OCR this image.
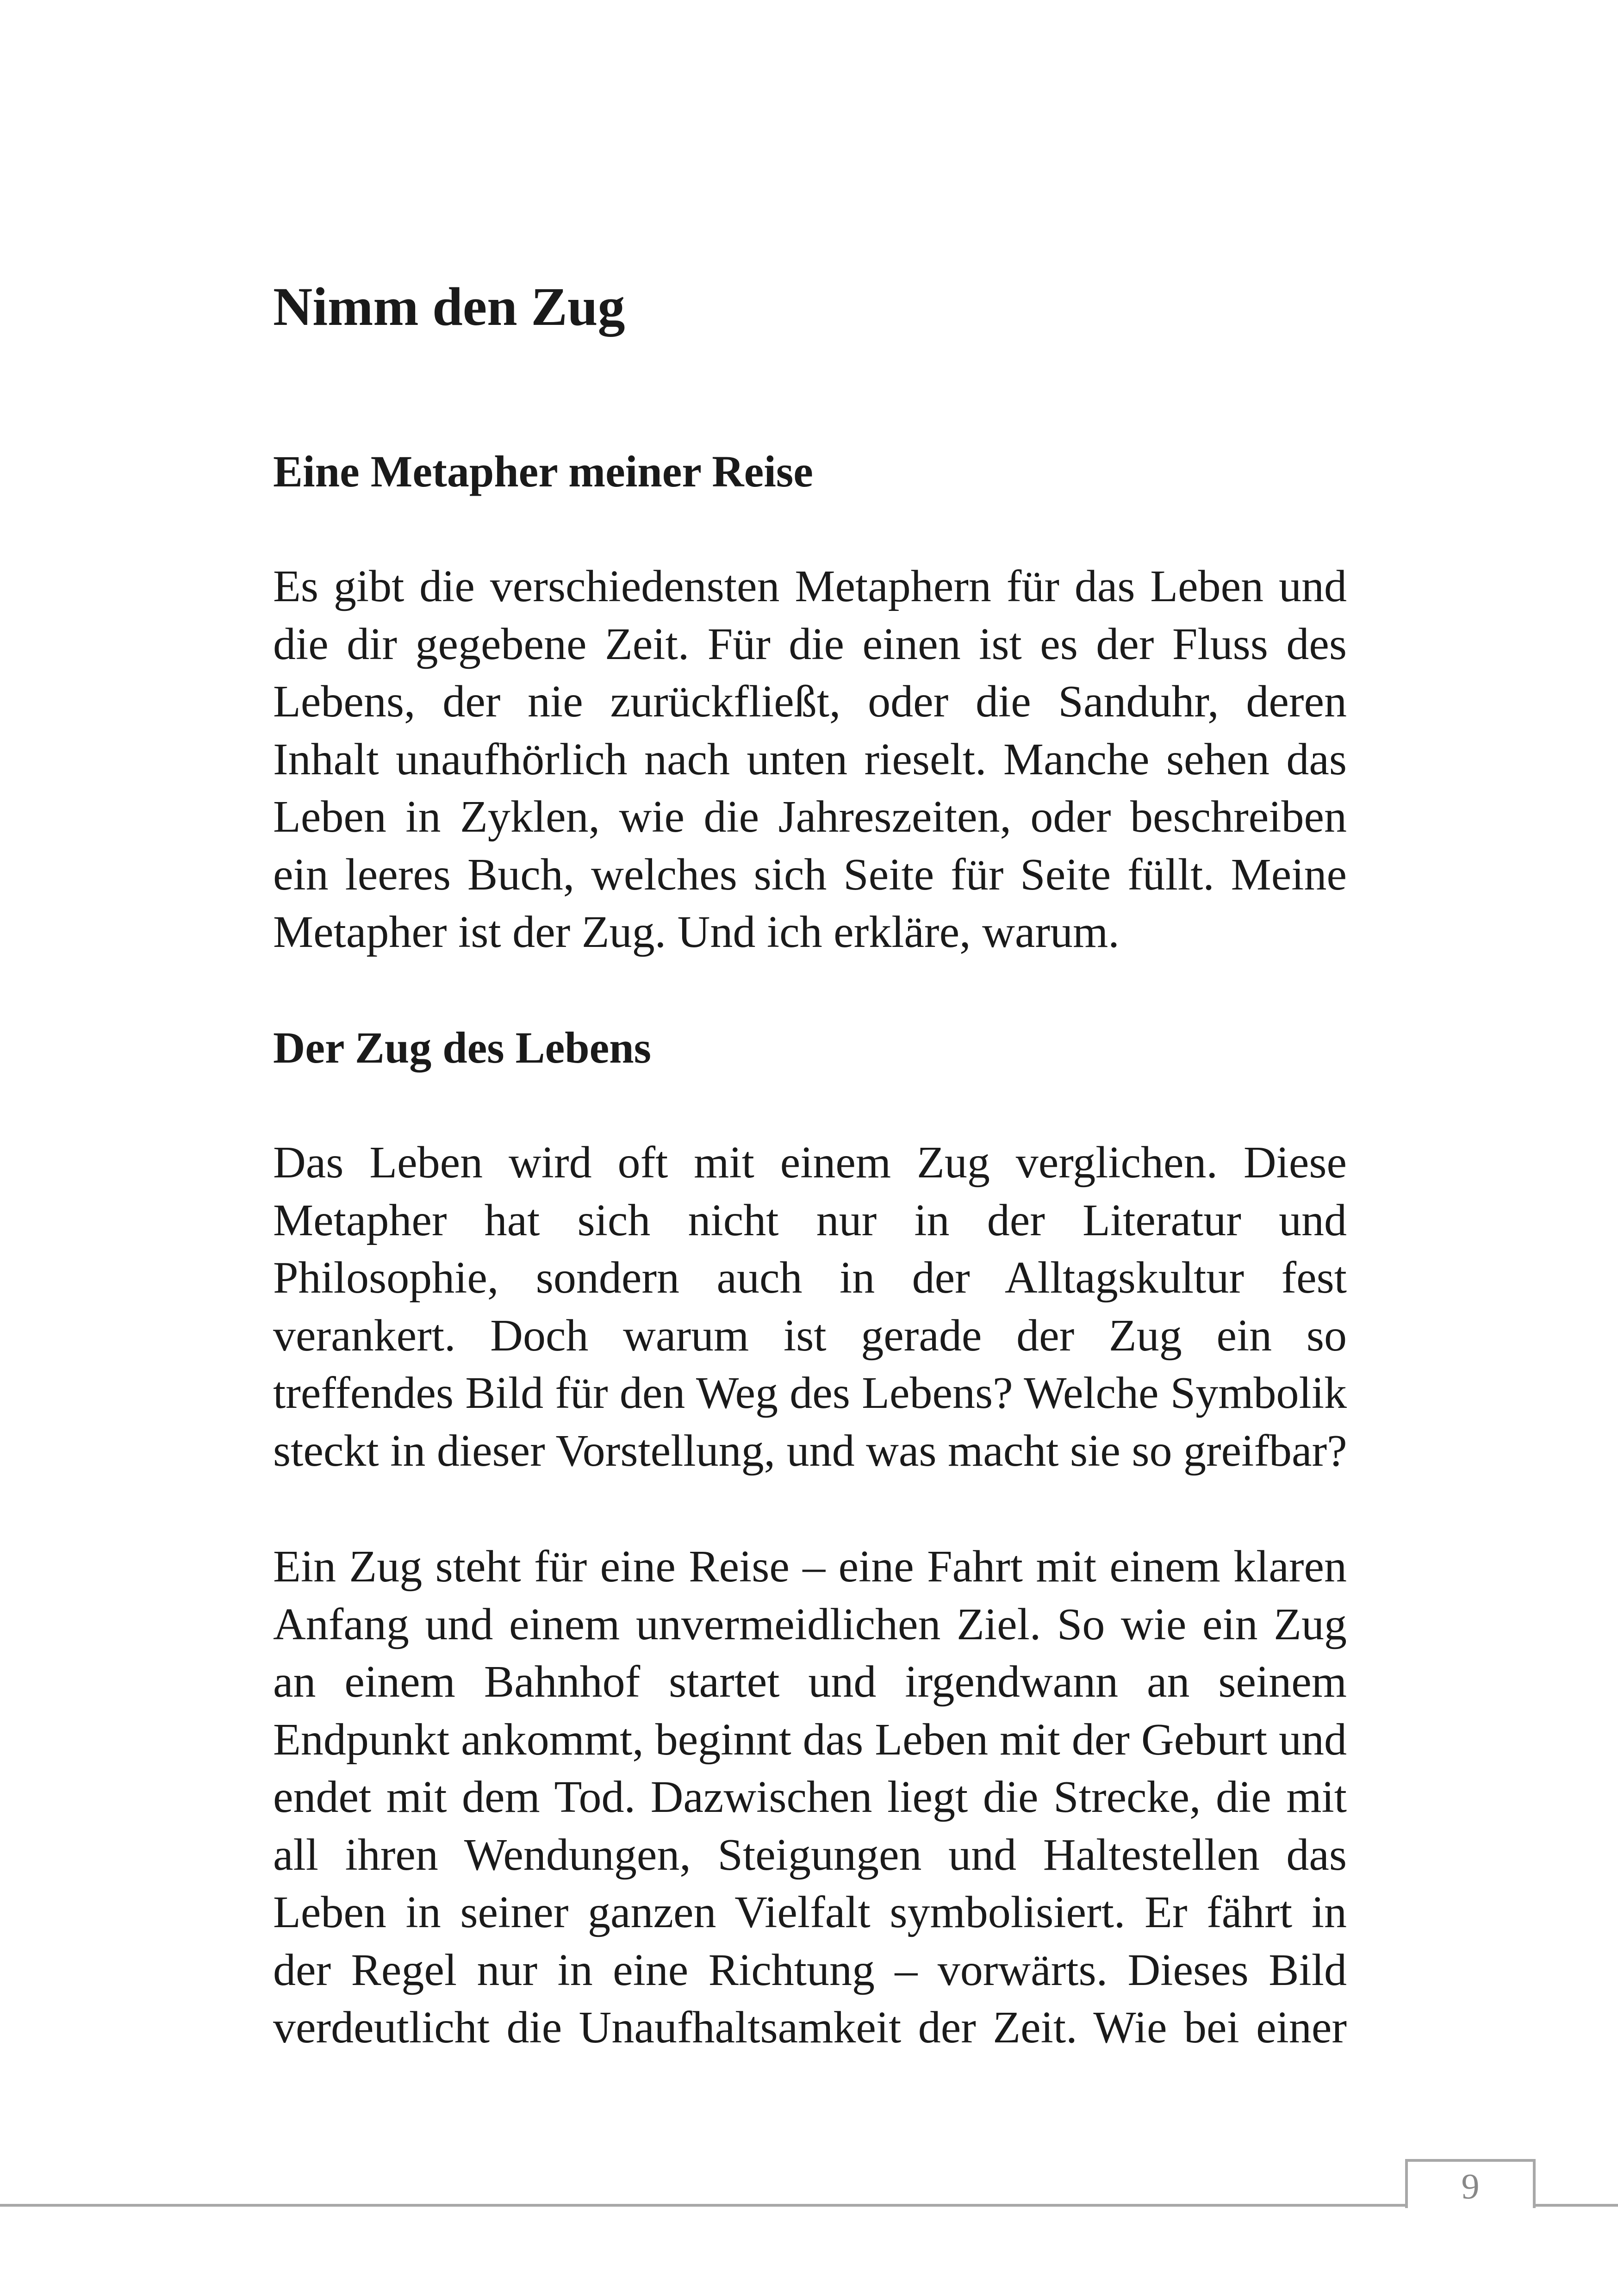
Nimm den Zug
Eine Metapher meiner Reise
Es gibt die verschiedensten Metaphern für das Leben und
die dir gegebene Zeit. Für die einen ist es der Fluss des
Lebens, der nie zurückfließt, oder die Sanduhr, deren
Inhalt unaufhörlich nach unten rieselt. Manche sehen das
Leben in Zyklen, wie die Jahreszeiten, oder beschreiben
ein leeres Buch, welches sich Seite für Seite füllt. Meine
Metapher ist der Zug. Und ich erkläre, warum.
Der Zug des Lebens
Das Leben wird oft mit einem Zug verglichen. Diese
Metapher hat sich nicht nur in der Literatur und
Philosophie, sondern auch in der Alltagskultur fest
verankert. Doch warum ist gerade der Zug ein so
treffendes Bild für den Weg des Lebens? Welche Symbolik
steckt in dieser Vorstellung, und was macht sie so greifbar?
Ein Zug steht für eine Reise – eine Fahrt mit einem klaren
Anfang und einem unvermeidlichen Ziel. So wie ein Zug
an einem Bahnhof startet und irgendwann an seinem
Endpunkt ankommt, beginnt das Leben mit der Geburt und
endet mit dem Tod. Dazwischen liegt die Strecke, die mit
all ihren Wendungen, Steigungen und Haltestellen das
Leben in seiner ganzen Vielfalt symbolisiert. Er fährt in
der Regel nur in eine Richtung – vorwärts. Dieses Bild
verdeutlicht die Unaufhaltsamkeit der Zeit. Wie bei einer
9
